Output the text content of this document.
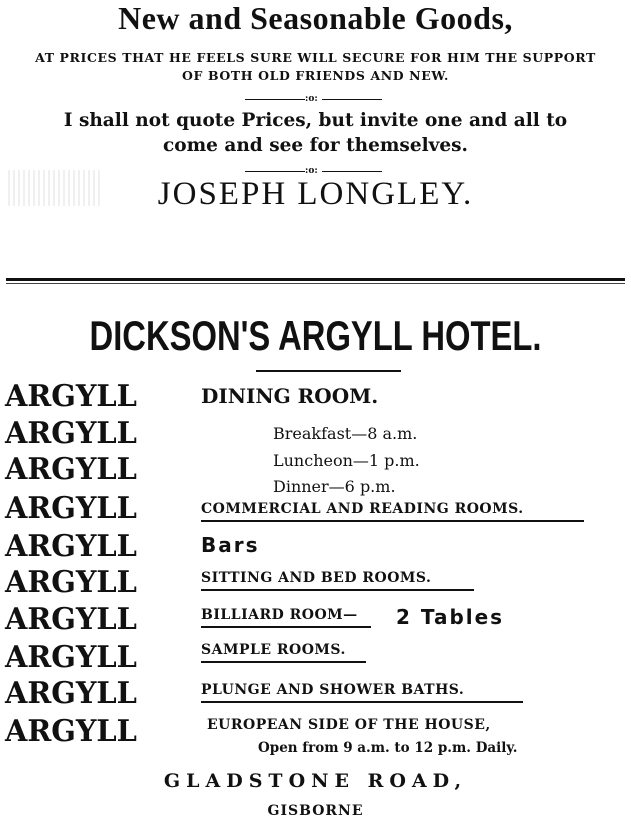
New and Seasonable Goods,
AT PRICES THAT HE FEELS SURE WILL SECURE FOR HIM THE SUPPORT
OF BOTH OLD FRIENDS AND NEW.
:o:
I shall not quote Prices, but invite one and all to
come and see for themselves.
:o:
JOSEPH LONGLEY.
DICKSON'S ARGYLL HOTEL.
ARGYLL
ARGYLL
ARGYLL
ARGYLL
ARGYLL
ARGYLL
ARGYLL
ARGYLL
ARGYLL
ARGYLL
DINING ROOM.
Breakfast—8 a.m.
Luncheon—1 p.m.
Dinner—6 p.m.
COMMERCIAL AND READING ROOMS.
Bars
SITTING AND BED ROOMS.
BILLIARD ROOM— 2 Tables
SAMPLE ROOMS.
PLUNGE AND SHOWER BATHS.
EUROPEAN SIDE OF THE HOUSE,
Open from 9 a.m. to 12 p.m. Daily.
GLADSTONE ROAD,
GISBORNE
